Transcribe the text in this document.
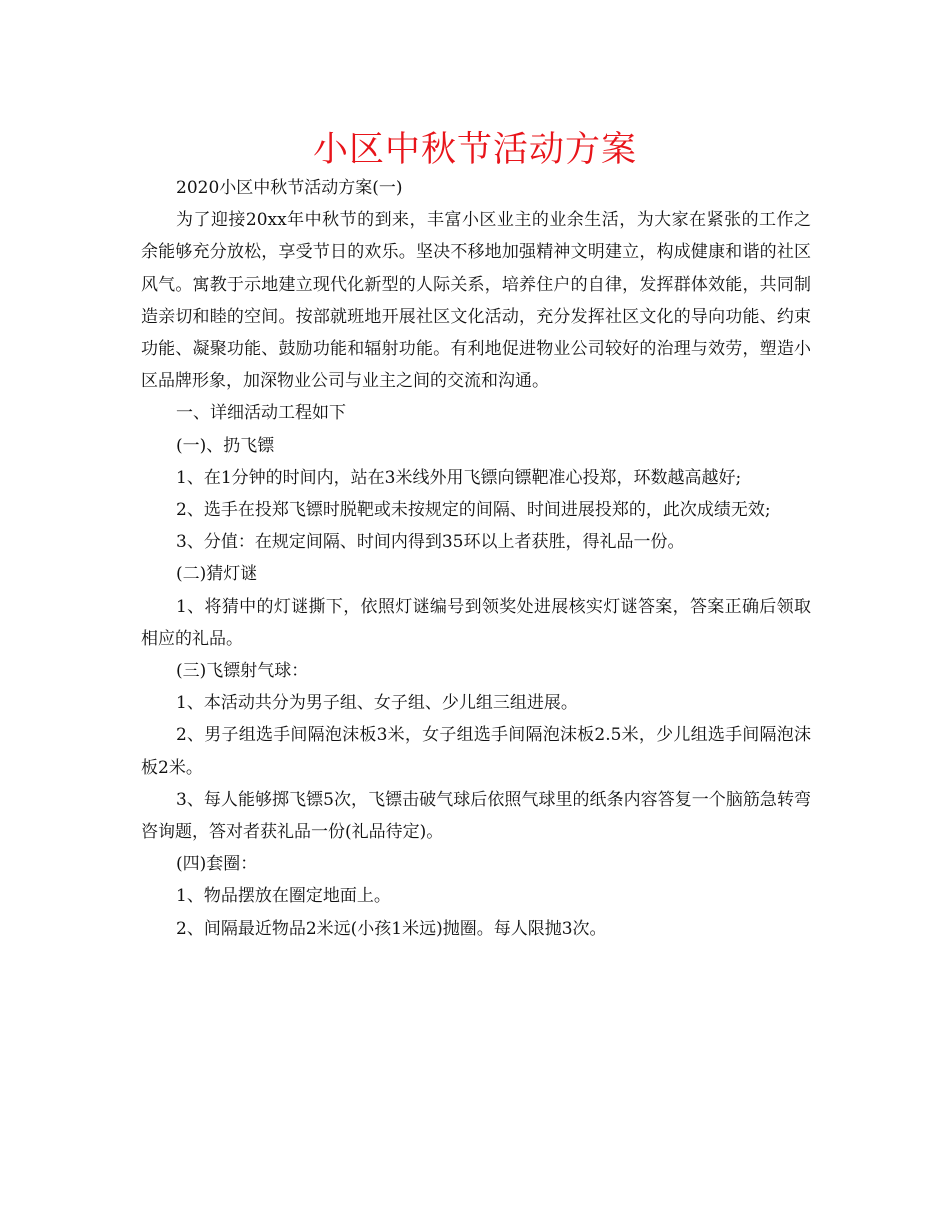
小区中秋节活动方案

2020小区中秋节活动方案(一)

为了迎接20xx年中秋节的到来，丰富小区业主的业余生活，为大家在紧张的工作之余能够充分放松，享受节日的欢乐。坚决不移地加强精神文明建立，构成健康和谐的社区风气。寓教于示地建立现代化新型的人际关系，培养住户的自律，发挥群体效能，共同制造亲切和睦的空间。按部就班地开展社区文化活动，充分发挥社区文化的导向功能、约束功能、凝聚功能、鼓励功能和辐射功能。有利地促进物业公司较好的治理与效劳，塑造小区品牌形象，加深物业公司与业主之间的交流和沟通。

一、详细活动工程如下

(一)、扔飞镖

1、在1分钟的时间内，站在3米线外用飞镖向镖靶准心投郑，环数越高越好;

2、选手在投郑飞镖时脱靶或未按规定的间隔、时间进展投郑的，此次成绩无效;

3、分值：在规定间隔、时间内得到35环以上者获胜，得礼品一份。

(二)猜灯谜

1、将猜中的灯谜撕下，依照灯谜编号到领奖处进展核实灯谜答案，答案正确后领取相应的礼品。

(三)飞镖射气球：

1、本活动共分为男子组、女子组、少儿组三组进展。

2、男子组选手间隔泡沫板3米，女子组选手间隔泡沫板2.5米，少儿组选手间隔泡沫板2米。

3、每人能够掷飞镖5次，飞镖击破气球后依照气球里的纸条内容答复一个脑筋急转弯咨询题，答对者获礼品一份(礼品待定)。

(四)套圈：

1、物品摆放在圈定地面上。

2、间隔最近物品2米远(小孩1米远)抛圈。每人限抛3次。
